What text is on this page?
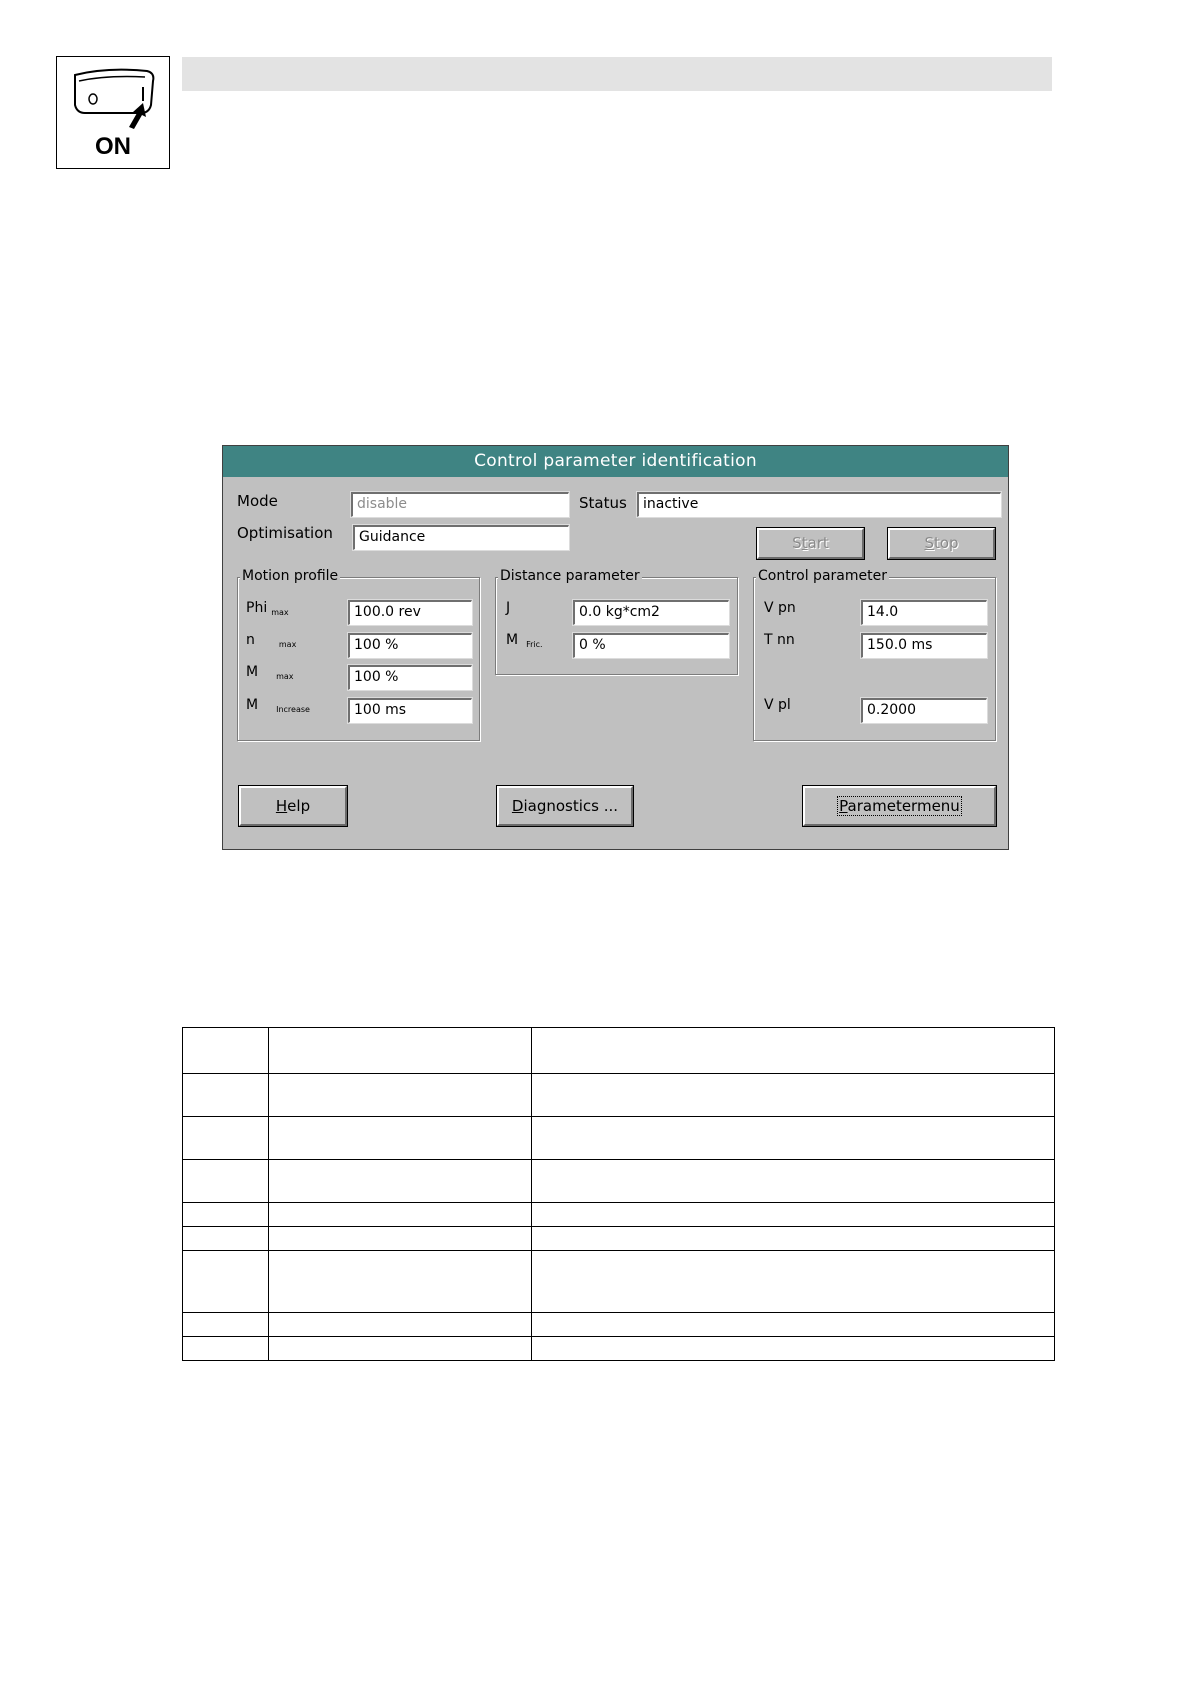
ON
Control parameter identification
Mode	disable	Status	inactive
Optimisation	Guidance	Start	Stop
Motion profile
Phi $_{max}$	100.0 rev
n	$_{max}$	100 %
M $_{max}$	100 %
M $_{Increase}$	100 ms
Distance parameter
J	0.0 kg*cm2
M $_{Fric.}$	0 %
Control parameter
V pn	14.0
T nn	150.0 ms
V pl	0.2000
Help	Diagnostics ...	Parametermenu
